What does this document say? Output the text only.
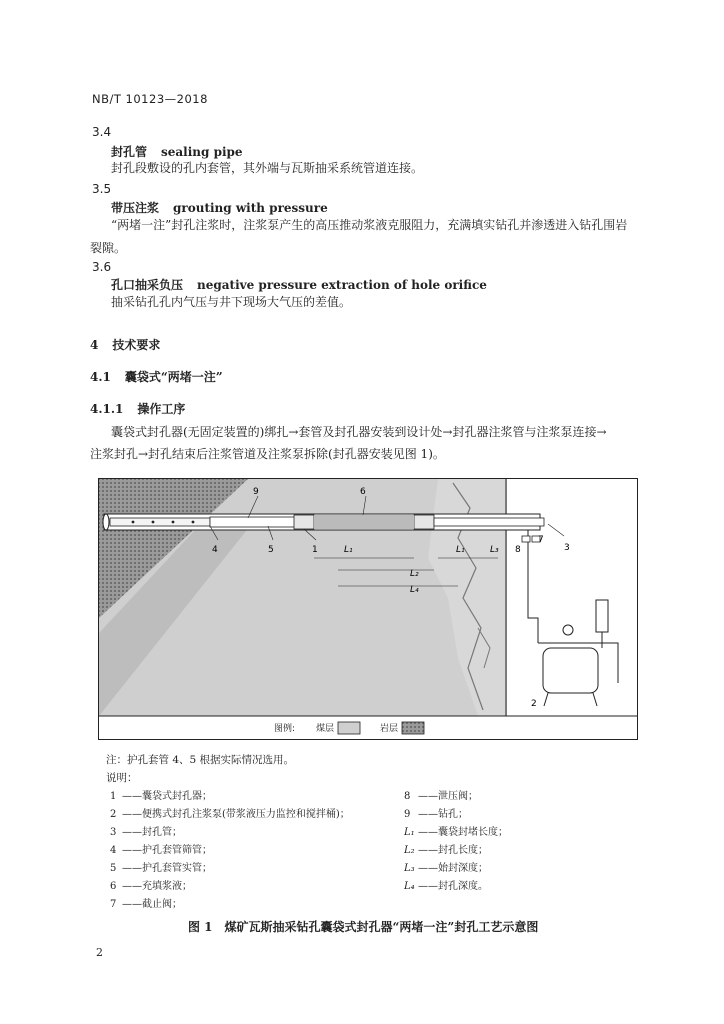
NB/T 10123—2018
3.4
封孔管 sealing pipe
封孔段敷设的孔内套管，其外端与瓦斯抽采系统管道连接。
3.5
带压注浆 grouting with pressure
“两堵一注”封孔注浆时，注浆泵产生的高压推动浆液克服阻力，充满填实钻孔并渗透进入钻孔围岩
裂隙。
3.6
孔口抽采负压 negative pressure extraction of hole orifice
抽采钻孔孔内气压与井下现场大气压的差值。
4 技术要求
4.1 囊袋式“两堵一注”
4.1.1 操作工序
囊袋式封孔器(无固定装置的)绑扎→套管及封孔器安装到设计处→封孔器注浆管与注浆泵连接→
注浆封孔→封孔结束后注浆管道及注浆泵拆除(封孔器安装见图 1)。
图例: 煤层	岩层
9	6
4	5	1	L₁	L₁	L₃
L₂
L₄
8
7
3
2
注：护孔套管 4、5 根据实际情况选用。
说明：
1 ——囊袋式封孔器；
2 ——便携式封孔注浆泵(带浆液压力监控和搅拌桶)；
3 ——封孔管；
4 ——护孔套管筛管；
5 ——护孔套管实管；
6 ——充填浆液；
7 ——截止阀；
8 ——泄压阀；
9 ——钻孔；
L₁ ——囊袋封堵长度；
L₂ ——封孔长度；
L₃ ——始封深度；
L₄ ——封孔深度。
图 1　煤矿瓦斯抽采钻孔囊袋式封孔器“两堵一注”封孔工艺示意图
2
